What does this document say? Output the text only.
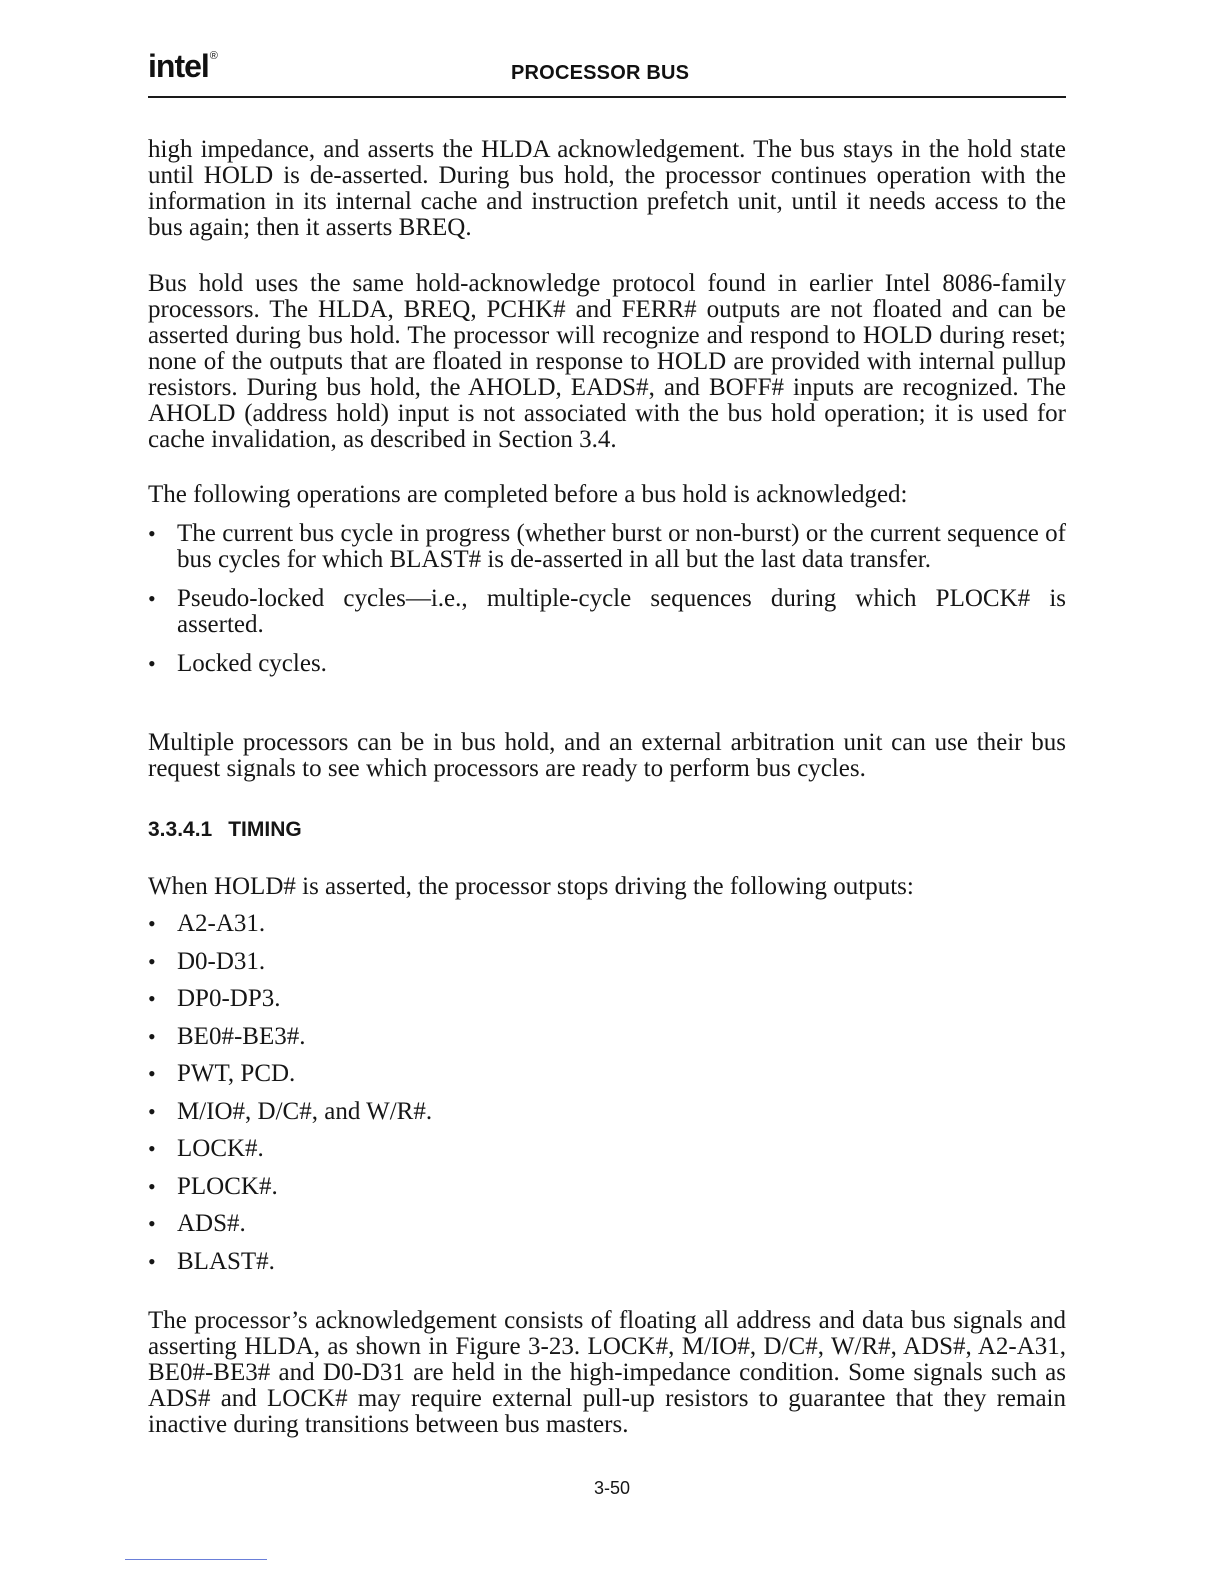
intel®
PROCESSOR BUS

high impedance, and asserts the HLDA acknowledgement. The bus stays in the hold state until HOLD is de-asserted. During bus hold, the processor continues operation with the information in its internal cache and instruction prefetch unit, until it needs access to the bus again; then it asserts BREQ.

Bus hold uses the same hold-acknowledge protocol found in earlier Intel 8086-family processors. The HLDA, BREQ, PCHK# and FERR# outputs are not floated and can be asserted during bus hold. The processor will recognize and respond to HOLD during reset; none of the outputs that are floated in response to HOLD are provided with internal pullup resistors. During bus hold, the AHOLD, EADS#, and BOFF# inputs are recognized. The AHOLD (address hold) input is not associated with the bus hold operation; it is used for cache invalidation, as described in Section 3.4.

The following operations are completed before a bus hold is acknowledged:

• The current bus cycle in progress (whether burst or non-burst) or the current sequence of bus cycles for which BLAST# is de-asserted in all but the last data transfer.
• Pseudo-locked cycles—i.e., multiple-cycle sequences during which PLOCK# is asserted.
• Locked cycles.

Multiple processors can be in bus hold, and an external arbitration unit can use their bus request signals to see which processors are ready to perform bus cycles.

3.3.4.1 TIMING

When HOLD# is asserted, the processor stops driving the following outputs:

• A2-A31.
• D0-D31.
• DP0-DP3.
• BE0#-BE3#.
• PWT, PCD.
• M/IO#, D/C#, and W/R#.
• LOCK#.
• PLOCK#.
• ADS#.
• BLAST#.

The processor’s acknowledgement consists of floating all address and data bus signals and asserting HLDA, as shown in Figure 3-23. LOCK#, M/IO#, D/C#, W/R#, ADS#, A2-A31, BE0#-BE3# and D0-D31 are held in the high-impedance condition. Some signals such as ADS# and LOCK# may require external pull-up resistors to guarantee that they remain inactive during transitions between bus masters.

3-50
